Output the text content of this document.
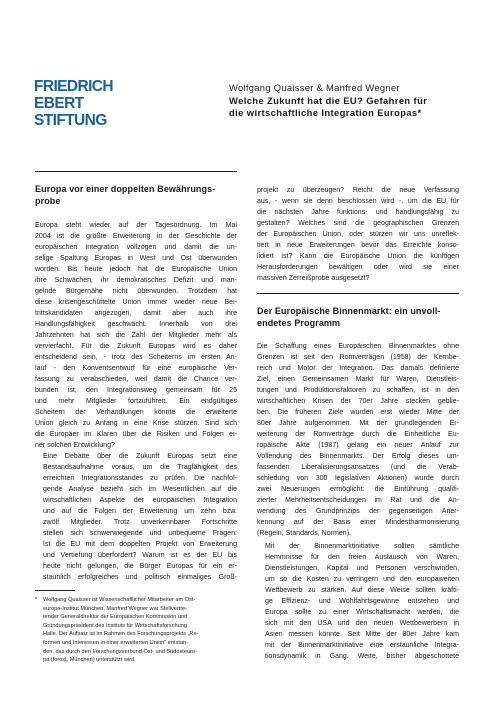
FRIEDRICH
EBERT
STIFTUNG
Wolfgang Quaisser & Manfred Wegner
Welche Zukunft hat die EU? Gefahren für
die wirtschaftliche Integration Europas*
Europa vor einer doppelten Bewährungs-
probe
Europa steht wieder auf der Tagesordnung. Im Mai
2004 ist die größte Erweiterung in der Geschichte der
europäischen Integration vollzogen und damit die un-
selige Spaltung Europas in West und Ost überwunden
worden. Bis heute jedoch hat die Europäische Union
ihre Schwächen, ihr demokratisches Defizit und man-
gelnde Bürgernähe nicht überwunden. Trotzdem hat
diese krisengeschüttelte Union immer wieder neue Bei-
trittskandidaten angezogen, damit aber auch ihre
Handlungsfähigkeit geschwächt. Innerhalb von drei
Jahrzehnten hat sich die Zahl der Mitglieder mehr als
vervierfacht. Für die Zukunft Europas wird es daher
entscheidend sein, - trotz des Scheiterns im ersten An-
lauf - den Konventsentwurf für eine europäische Ver-
fassung zu verabschieden, weil damit die Chance ver-
bunden ist, den Integrationsweg gemeinsam für 25
und mehr Mitglieder fortzuführen. Ein endgültiges
Scheitern der Verhandlungen könnte die erweiterte
Union gleich zu Anfang in eine Krise stürzen. Sind sich
die Europäer im Klaren über die Risiken und Folgen ei-
ner solchen Entwicklung?
Eine Debatte über die Zukunft Europas setzt eine
Bestandsaufnahme voraus, um die Tragfähigkeit des
erreichten Integrationsstandes zu prüfen. Die nachfol-
gende Analyse bezieht sich im Wesentlichen auf die
wirtschaftlichen Aspekte der europäischen Integration
und auf die Folgen der Erweiterung um zehn bzw.
zwölf Mitglieder. Trotz unverkennbarer Fortschritte
stellen sich schwerwiegende und unbequeme Fragen:
Ist die EU mit dem doppelten Projekt von Erweiterung
und Vertiefung überfordert? Warum ist es der EU bis
heute nicht gelungen, die Bürger Europas für ein er-
staunlich erfolgreiches und politisch einmaliges Groß-
projekt zu überzeugen? Reicht die neue Verfassung
aus, - wenn sie denn beschlossen wird -, um die EU für
die nächsten Jahre funktions- und handlungsfähig zu
gestalten? Welches sind die geographischen Grenzen
der Europäischen Union, oder stürzen wir uns unreflek-
tiert in neue Erweiterungen bevor das Erreichte konso-
lidiert ist? Kann die Europäische Union die künftigen
Herausforderungen bewältigen oder wird sie einer
massiven Zerreißprobe ausgesetzt?
Der Europäische Binnenmarkt: ein unvoll-
endetes Programm
Die Schaffung eines Europäischen Binnenmarktes ohne
Grenzen ist seit den Romverträgen (1958) der Kernbe-
reich und Motor der Integration. Das damals definierte
Ziel, einen Gemeinsamen Markt für Waren, Dienstleis-
tungen und Produktionsfaktoren zu schaffen, ist in den
wirtschaftlichen Krisen der 70er Jahre stecken geblie-
ben. Die früheren Ziele wurden erst wieder Mitte der
80er Jahre aufgenommen. Mit der grundlegenden Er-
weiterung der Romverträge durch die Einheitliche Eu-
ropäische Akte (1987) gelang ein neuer Anlauf zur
Vollendung des Binnenmarkts. Der Erfolg dieses um-
fassenden Liberalisierungsansatzes (und die Verab-
schiedung von 300 legislativen Aktionen) wurde durch
zwei Neuerungen ermöglicht: die Einführung qualifi-
zierter Mehrheitsentscheidungen im Rat und die An-
wendung des Grundprinzips der gegenseitigen Aner-
kennung auf der Basis einer Mindestharmonisierung
(Regeln, Standards, Normen).
Mit der Binnenmarktinitiative sollten sämtliche
Hemmnisse für den freien Austausch von Waren,
Dienstleistungen, Kapital und Personen verschwinden,
um so die Kosten zu verringern und den europaweiten
Wettbewerb zu stärken. Auf diese Weise sollten kräfti-
ge Effizienz- und Wohlfahrtsgewinne entstehen und
Europa sollte zu einer Wirtschaftsmacht werden, die
sich mit den USA und den neuen Wettbewerbern in
Asien messen könnte. Seit Mitte der 80er Jahre kam
mit der Binnenmarktinitiative eine erstaunliche Integra-
tionsdynamik in Gang. Weite, bisher abgeschottete
* Wolfgang Quaisser ist Wissenschaftlicher Mitarbeiter am Ost-
europa-Institut München, Manfred Wegner war Stellvertre-
tender Generaldirektor der Europäischen Kommission und
Gründungspräsident des Instituts für Wirtschaftsforschung
Halle. Der Aufsatz ist im Rahmen des Forschungsprojekts „Re-
formen und Interessen in einer erweiterten Union" entstan-
den, das durch den Forschungsverbund Ost- und Südosteuro-
pa (forost, München) unterstützt wird.
